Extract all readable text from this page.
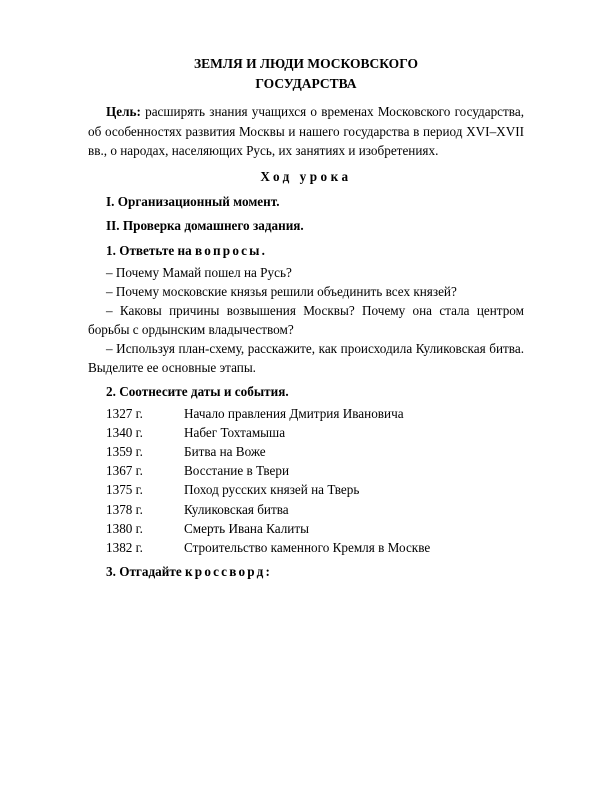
ЗЕМЛЯ И ЛЮДИ МОСКОВСКОГО
ГОСУДАРСТВА

Цель: расширять знания учащихся о временах Московского государства, об особенностях развития Москвы и нашего государства в период XVI–XVII вв., о народах, населяющих Русь, их занятиях и изобретениях.

Ход урока
I. Организационный момент.
II. Проверка домашнего задания.
1. Ответьте на вопросы.
– Почему Мамай пошел на Русь?
– Почему московские князья решили объединить всех князей?
– Каковы причины возвышения Москвы? Почему она стала центром борьбы с ордынским владычеством?
– Используя план-схему, расскажите, как происходила Куликовская битва. Выделите ее основные этапы.
2. Соотнесите даты и события.
1327 г.	Начало правления Дмитрия Ивановича
1340 г.	Набег Тохтамыша
1359 г.	Битва на Воже
1367 г.	Восстание в Твери
1375 г.	Поход русских князей на Тверь
1378 г.	Куликовская битва
1380 г.	Смерть Ивана Калиты
1382 г.	Строительство каменного Кремля в Москве
3. Отгадайте кроссворд:
